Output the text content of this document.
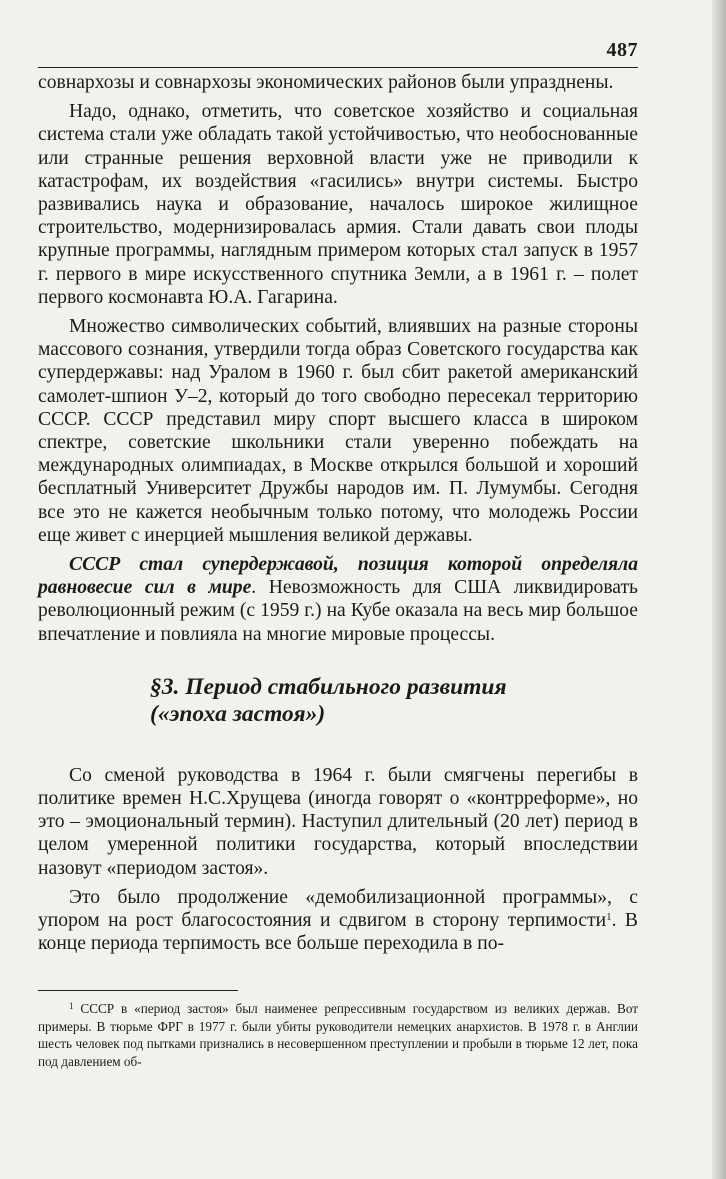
487

совнархозы и совнархозы экономических районов были упразднены.

Надо, однако, отметить, что советское хозяйство и социальная система стали уже обладать такой устойчивостью, что необоснованные или странные решения верховной власти уже не приводили к катастрофам, их воздействия «гасились» внутри системы. Быстро развивались наука и образование, началось широкое жилищное строительство, модернизировалась армия. Стали давать свои плоды крупные программы, наглядным примером которых стал запуск в 1957 г. первого в мире искусственного спутника Земли, а в 1961 г. – полет первого космонавта Ю.А. Гагарина.

Множество символических событий, влиявших на разные стороны массового сознания, утвердили тогда образ Советского государства как супердержавы: над Уралом в 1960 г. был сбит ракетой американский самолет-шпион У–2, который до того свободно пересекал территорию СССР. СССР представил миру спорт высшего класса в широком спектре, советские школьники стали уверенно побеждать на международных олимпиадах, в Москве открылся большой и хороший бесплатный Университет Дружбы народов им. П. Лумумбы. Сегодня все это не кажется необычным только потому, что молодежь России еще живет с инерцией мышления великой державы.

СССР стал супердержавой, позиция которой определяла равновесие сил в мире. Невозможность для США ликвидировать революционный режим (с 1959 г.) на Кубе оказала на весь мир большое впечатление и повлияла на многие мировые процессы.

§3. Период стабильного развития
(«эпоха застоя»)

Со сменой руководства в 1964 г. были смягчены перегибы в политике времен Н.С.Хрущева (иногда говорят о «контрреформе», но это – эмоциональный термин). Наступил длительный (20 лет) период в целом умеренной политики государства, который впоследствии назовут «периодом застоя».

Это было продолжение «демобилизационной программы», с упором на рост благосостояния и сдвигом в сторону терпимости$^1$. В конце периода терпимость все больше переходила в по-

$^1$ СССР в «период застоя» был наименее репрессивным государством из великих держав. Вот примеры. В тюрьме ФРГ в 1977 г. были убиты руководители немецких анархистов. В 1978 г. в Англии шесть человек под пытками признались в несовершенном преступлении и пробыли в тюрьме 12 лет, пока под давлением об-
